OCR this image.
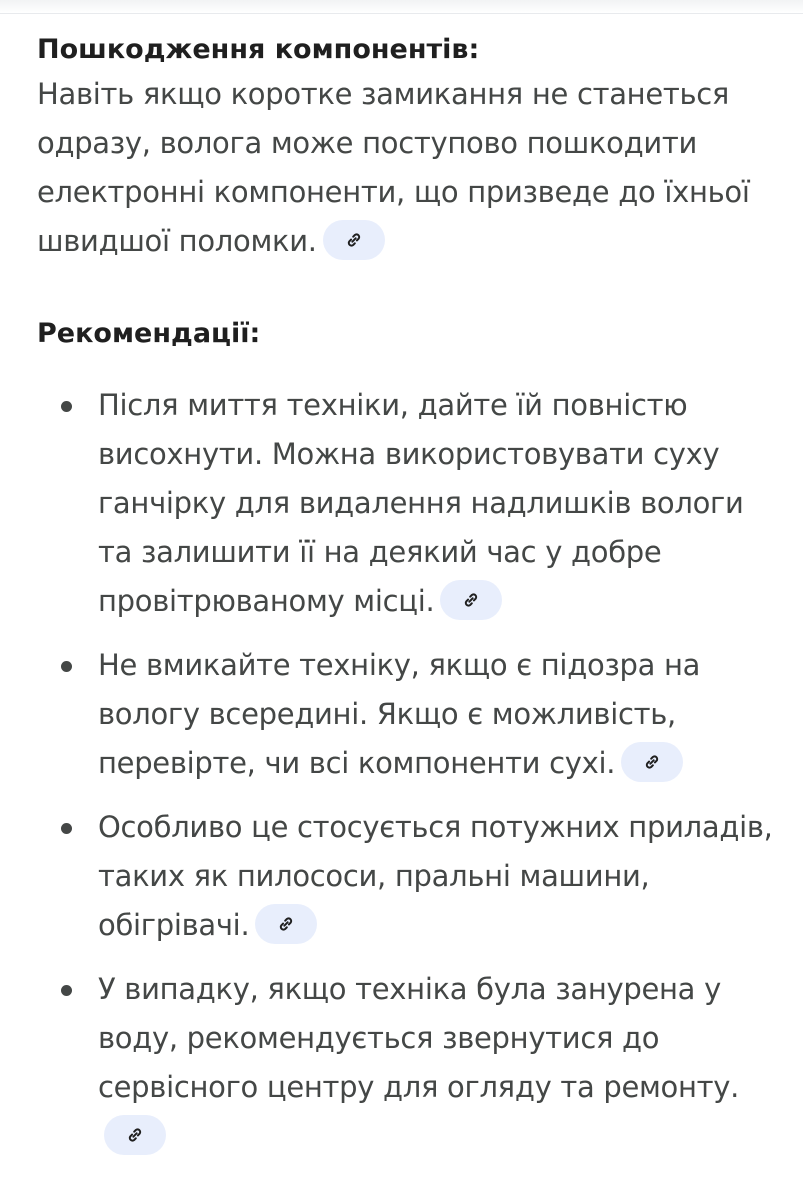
Пошкодження компонентів:

Навіть якщо коротке замикання не станеться одразу, волога може поступово пошкодити електронні компоненти, що призведе до їхньої швидшої поломки.

Рекомендації:

Після миття техніки, дайте їй повністю висохнути. Можна використовувати суху ганчірку для видалення надлишків вологи та залишити її на деякий час у добре провітрюваному місці.

Не вмикайте техніку, якщо є підозра на вологу всередині. Якщо є можливість, перевірте, чи всі компоненти сухі.

Особливо це стосується потужних приладів, таких як пилососи, пральні машини, обігрівачі.

У випадку, якщо техніка була занурена у воду, рекомендується звернутися до сервісного центру для огляду та ремонту.
